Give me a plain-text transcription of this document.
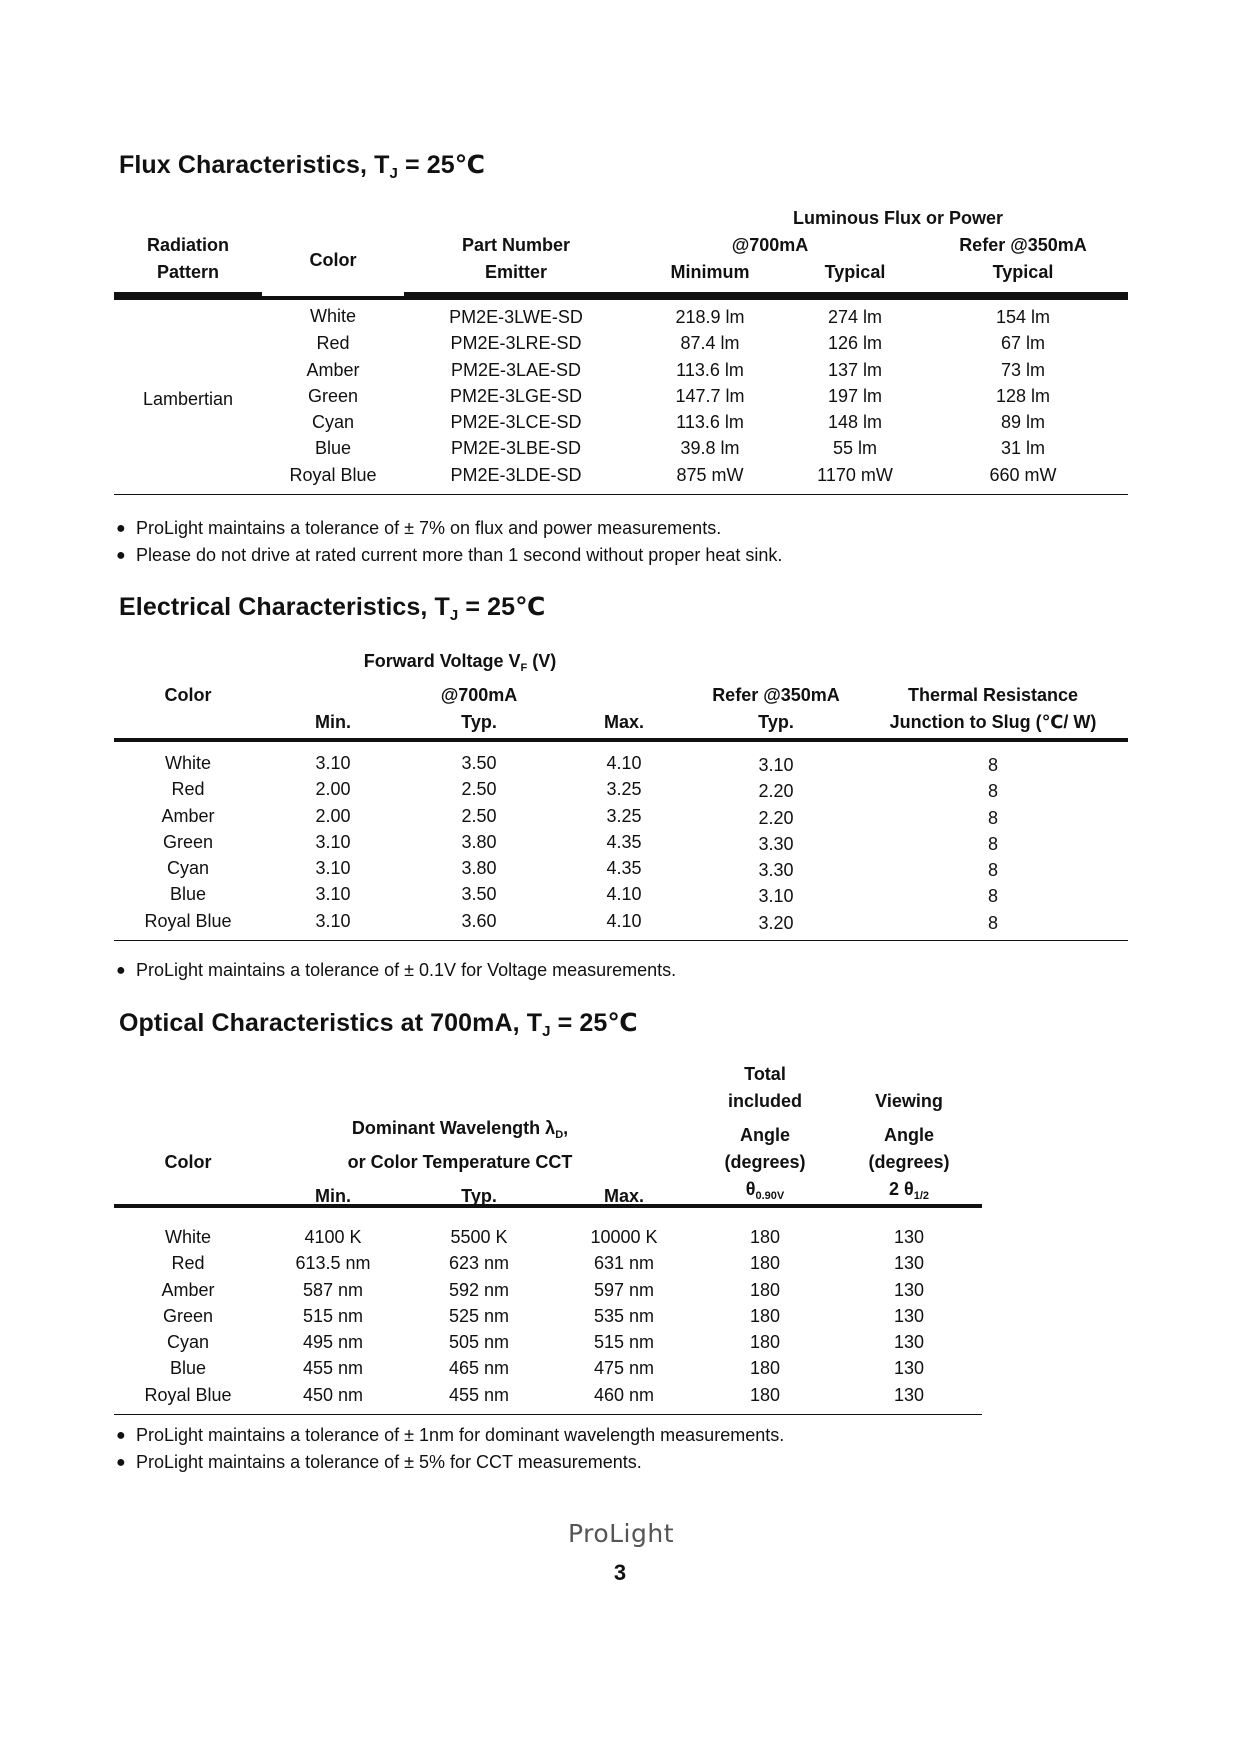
Flux Characteristics, $T_J$ = 25℃
			Luminous Flux or Power		
Radiation	Color	Part Number	@700mA		Refer @350mA
Pattern		Emitter	Minimum	Typical	Typical
Lambertian	White	PM2E-3LWE-SD	218.9 lm	274 lm	154 lm
	Red	PM2E-3LRE-SD	87.4 lm	126 lm	67 lm
	Amber	PM2E-3LAE-SD	113.6 lm	137 lm	73 lm
	Green	PM2E-3LGE-SD	147.7 lm	197 lm	128 lm
	Cyan	PM2E-3LCE-SD	113.6 lm	148 lm	89 lm
	Blue	PM2E-3LBE-SD	39.8 lm	55 lm	31 lm
	Royal Blue	PM2E-3LDE-SD	875 mW	1170 mW	660 mW
● ProLight maintains a tolerance of ± 7% on flux and power measurements.
● Please do not drive at rated current more than 1 second without proper heat sink.
Electrical Characteristics, $T_J$ = 25℃
	Forward Voltage $V_F$ (V)				
Color		@700mA		Refer @350mA	Thermal Resistance
	Min.	Typ.	Max.	Typ.	Junction to Slug (℃/ W)
White	3.10	3.50	4.10	3.10	8
Red	2.00	2.50	3.25	2.20	8
Amber	2.00	2.50	3.25	2.20	8
Green	3.10	3.80	4.35	3.30	8
Cyan	3.10	3.80	4.35	3.30	8
Blue	3.10	3.50	4.10	3.10	8
Royal Blue	3.10	3.60	4.10	3.20	8
● ProLight maintains a tolerance of ± 0.1V for Voltage measurements.
Optical Characteristics at 700mA, $T_J$ = 25℃
				Total	
				included	Viewing
	Dominant Wavelength $\lambda_D$,			Angle	Angle
Color	or Color Temperature CCT			(degrees)	(degrees)
	Min.	Typ.	Max.	$\theta_{0.90V}$	2 $\theta_{1/2}$
White	4100 K	5500 K	10000 K	180	130
Red	613.5 nm	623 nm	631 nm	180	130
Amber	587 nm	592 nm	597 nm	180	130
Green	515 nm	525 nm	535 nm	180	130
Cyan	495 nm	505 nm	515 nm	180	130
Blue	455 nm	465 nm	475 nm	180	130
Royal Blue	450 nm	455 nm	460 nm	180	130
● ProLight maintains a tolerance of ± 1nm for dominant wavelength measurements.
● ProLight maintains a tolerance of ± 5% for CCT measurements.
ProLight
3
